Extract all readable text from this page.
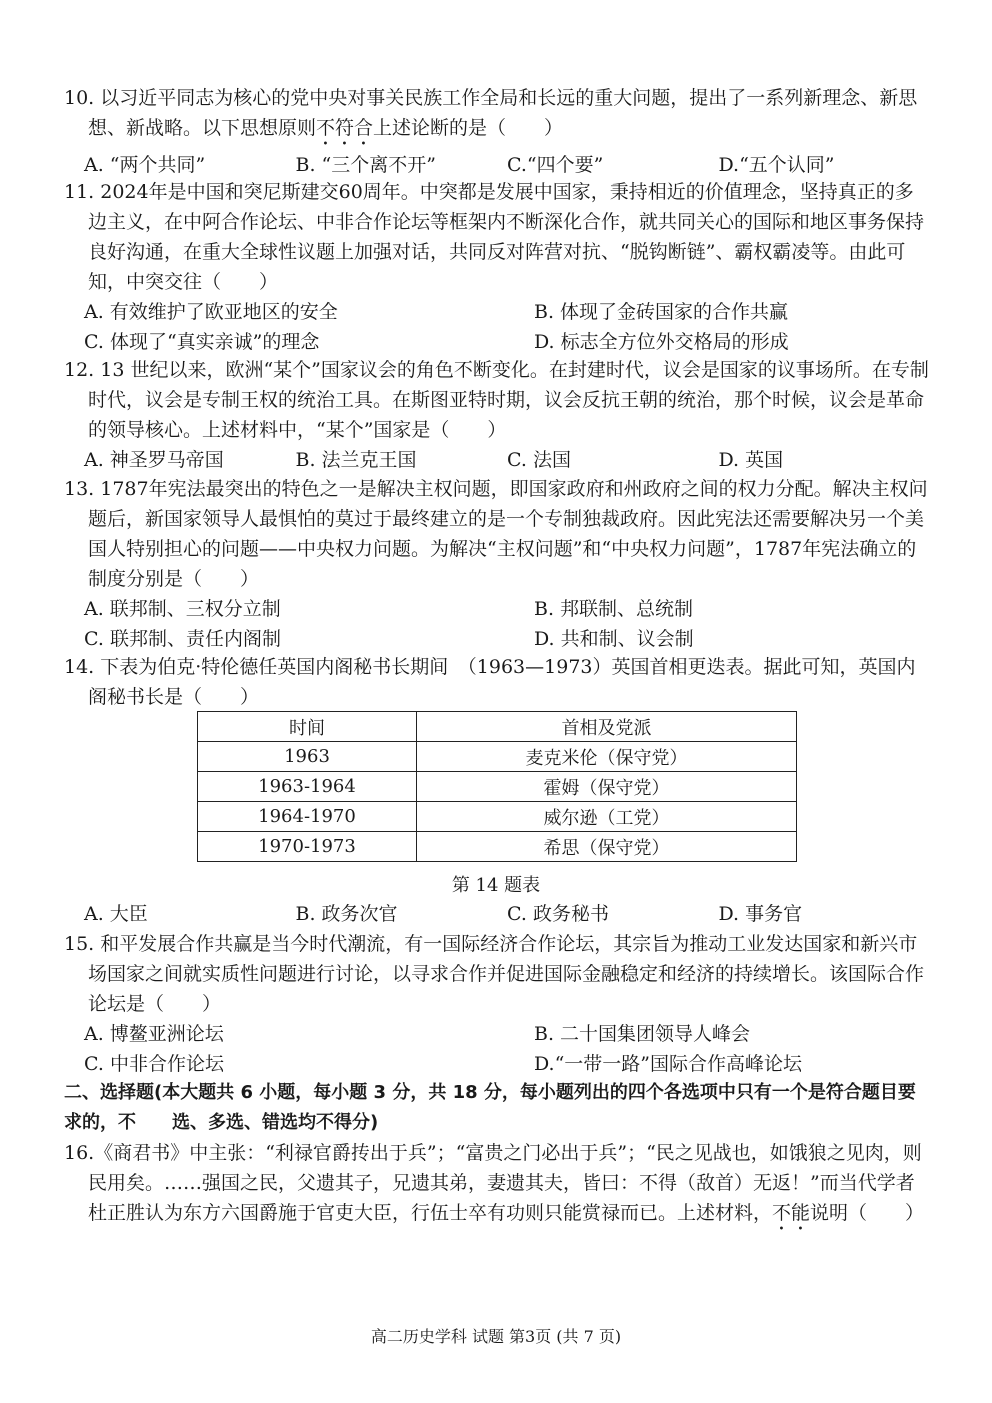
10. 以习近平同志为核心的党中央对事关民族工作全局和长远的重大问题，提出了一系列新理念、新思想、新战略。以下思想原则不符合上述论断的是（　　）

A. “两个共同”	B. “三个离不开”	C.“四个要”	D.“五个认同”

11. 2024年是中国和突尼斯建交60周年。中突都是发展中国家，秉持相近的价值理念，坚持真正的多边主义，在中阿合作论坛、中非合作论坛等框架内不断深化合作，就共同关心的国际和地区事务保持良好沟通，在重大全球性议题上加强对话，共同反对阵营对抗、“脱钩断链”、霸权霸凌等。由此可知，中突交往（　　）

A. 有效维护了欧亚地区的安全	B. 体现了金砖国家的合作共赢
C. 体现了“真实亲诚”的理念	D. 标志全方位外交格局的形成

12. 13 世纪以来，欧洲“某个”国家议会的角色不断变化。在封建时代，议会是国家的议事场所。在专制时代，议会是专制王权的统治工具。在斯图亚特时期，议会反抗王朝的统治，那个时候，议会是革命的领导核心。上述材料中，“某个”国家是（　　）

A. 神圣罗马帝国	B. 法兰克王国	C. 法国	D. 英国

13. 1787年宪法最突出的特色之一是解决主权问题，即国家政府和州政府之间的权力分配。解决主权问题后，新国家领导人最惧怕的莫过于最终建立的是一个专制独裁政府。因此宪法还需要解决另一个美国人特别担心的问题——中央权力问题。为解决“主权问题”和“中央权力问题”，1787年宪法确立的制度分别是（　　）

A. 联邦制、三权分立制	B. 邦联制、总统制
C. 联邦制、责任内阁制	D. 共和制、议会制

14. 下表为伯克·特伦德任英国内阁秘书长期间　（1963—1973）英国首相更迭表。据此可知，英国内阁秘书长是（　　）

时间	首相及党派
1963	麦克米伦（保守党）
1963-1964	霍姆（保守党）
1964-1970	威尔逊（工党）
1970-1973	希思（保守党）
第 14 题表
A. 大臣	B. 政务次官	C. 政务秘书	D. 事务官

15. 和平发展合作共赢是当今时代潮流，有一国际经济合作论坛，其宗旨为推动工业发达国家和新兴市场国家之间就实质性问题进行讨论，以寻求合作并促进国际金融稳定和经济的持续增长。该国际合作论坛是（　　）

A. 博鳌亚洲论坛	B. 二十国集团领导人峰会
C. 中非合作论坛	D.“一带一路”国际合作高峰论坛
二、选择题(本大题共 6 小题，每小题 3 分，共 18 分，每小题列出的四个各选项中只有一个是符合题目要求的，不　　选、多选、错选均不得分)

16.《商君书》中主张：“利禄官爵抟出于兵”；“富贵之门必出于兵”；“民之见战也，如饿狼之见肉，则民用矣。……强国之民，父遗其子，兄遗其弟，妻遗其夫，皆曰：不得（敌首）无返！”而当代学者杜正胜认为东方六国爵施于官吏大臣，行伍士卒有功则只能赏禄而已。上述材料，不能说明（　　）

高二历史学科 试题 第3页 (共 7 页)
